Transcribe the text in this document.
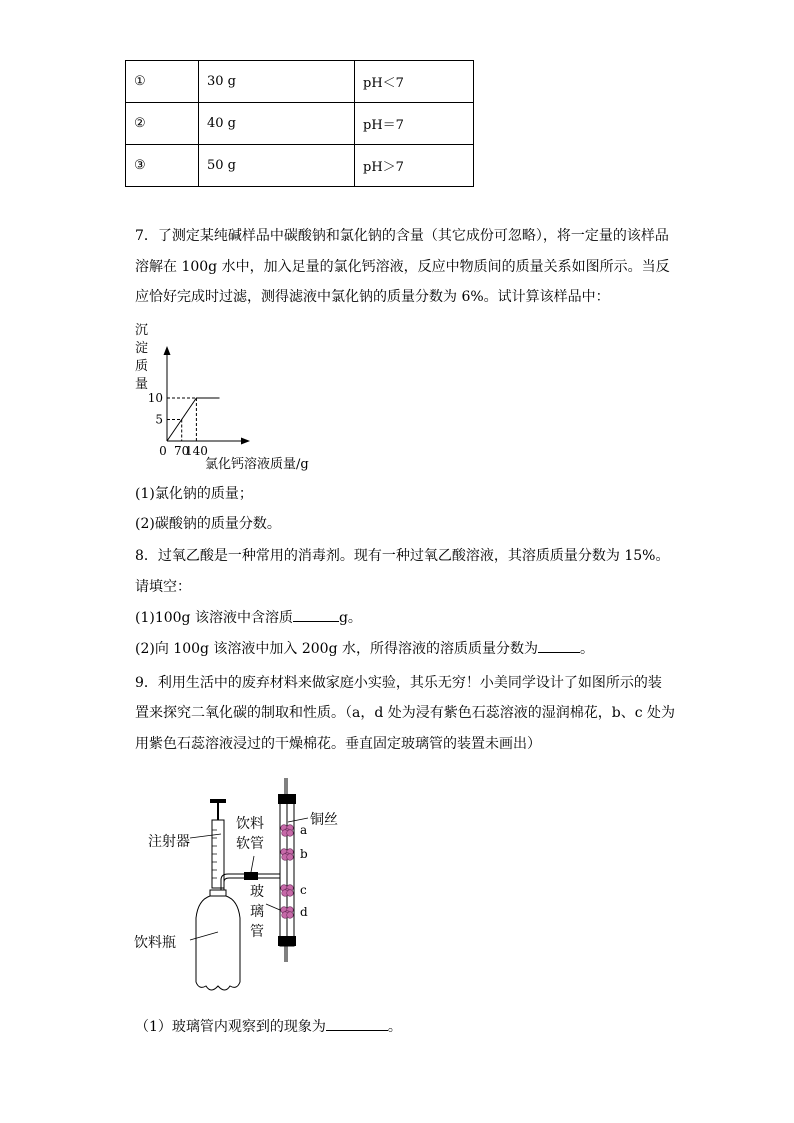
①	30 g	pH＜7
②	40 g	pH＝7
③	50 g	pH＞7
7．了测定某纯碱样品中碳酸钠和氯化钠的含量（其它成份可忽略），将一定量的该样品
溶解在 100g 水中，加入足量的氯化钙溶液，反应中物质间的质量关系如图所示。当反
应恰好完成时过滤，测得滤液中氯化钠的质量分数为 6%。试计算该样品中：
沉
淀
质
量
5
10
0 70
140
氯化钙溶液质量/g
(1)氯化钠的质量；
(2)碳酸钠的质量分数。
8．过氧乙酸是一种常用的消毒剂。现有一种过氧乙酸溶液，其溶质质量分数为 15%。
请填空：
(1)100g 该溶液中含溶质	g。
(2)向 100g 该溶液中加入 200g 水，所得溶液的溶质质量分数为	。
9．利用生活中的废弃材料来做家庭小实验，其乐无穷！小美同学设计了如图所示的装
置来探究二氧化碳的制取和性质。（a，d 处为浸有紫色石蕊溶液的湿润棉花，b、c 处为
用紫色石蕊溶液浸过的干燥棉花。垂直固定玻璃管的装置未画出）
注射器
饮料
软管
玻
璃
管
饮料瓶
铜丝
a
b
c
d
（1）玻璃管内观察到的现象为	。
